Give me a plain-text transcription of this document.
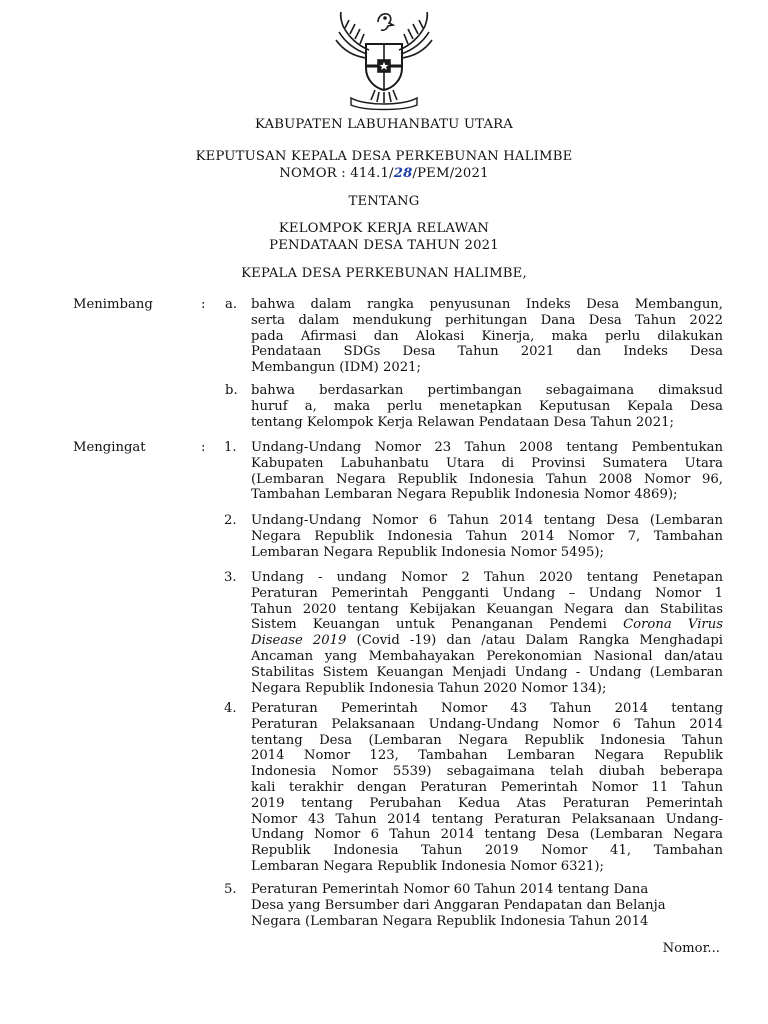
KABUPATEN LABUHANBATU UTARA
KEPUTUSAN KEPALA DESA PERKEBUNAN HALIMBE
NOMOR : 414.1/28/PEM/2021
TENTANG
KELOMPOK KERJA RELAWAN
PENDATAAN DESA TAHUN 2021
KEPALA DESA PERKEBUNAN HALIMBE,
Menimbang	: a. bahwa dalam rangka penyusunan Indeks Desa Membangun,
serta dalam mendukung perhitungan Dana Desa Tahun 2022
pada Afirmasi dan Alokasi Kinerja, maka perlu dilakukan
Pendataan SDGs Desa Tahun 2021 dan Indeks Desa
Membangun (IDM) 2021;
b. bahwa berdasarkan pertimbangan sebagaimana dimaksud
huruf a, maka perlu menetapkan Keputusan Kepala Desa
tentang Kelompok Kerja Relawan Pendataan Desa Tahun 2021;
Mengingat	: 1. Undang-Undang Nomor 23 Tahun 2008 tentang Pembentukan
Kabupaten Labuhanbatu Utara di Provinsi Sumatera Utara
(Lembaran Negara Republik Indonesia Tahun 2008 Nomor 96,
Tambahan Lembaran Negara Republik Indonesia Nomor 4869);
2. Undang-Undang Nomor 6 Tahun 2014 tentang Desa (Lembaran
Negara Republik Indonesia Tahun 2014 Nomor 7, Tambahan
Lembaran Negara Republik Indonesia Nomor 5495);
3. Undang - undang Nomor 2 Tahun 2020 tentang Penetapan
Peraturan Pemerintah Pengganti Undang – Undang Nomor 1
Tahun 2020 tentang Kebijakan Keuangan Negara dan Stabilitas
Sistem Keuangan untuk Penanganan Pendemi Corona Virus
Disease 2019 (Covid -19) dan /atau Dalam Rangka Menghadapi
Ancaman yang Membahayakan Perekonomian Nasional dan/atau
Stabilitas Sistem Keuangan Menjadi Undang - Undang (Lembaran
Negara Republik Indonesia Tahun 2020 Nomor 134);
4. Peraturan Pemerintah Nomor 43 Tahun 2014 tentang
Peraturan Pelaksanaan Undang-Undang Nomor 6 Tahun 2014
tentang Desa (Lembaran Negara Republik Indonesia Tahun
2014 Nomor 123, Tambahan Lembaran Negara Republik
Indonesia Nomor 5539) sebagaimana telah diubah beberapa
kali terakhir dengan Peraturan Pemerintah Nomor 11 Tahun
2019 tentang Perubahan Kedua Atas Peraturan Pemerintah
Nomor 43 Tahun 2014 tentang Peraturan Pelaksanaan Undang-
Undang Nomor 6 Tahun 2014 tentang Desa (Lembaran Negara
Republik Indonesia Tahun 2019 Nomor 41, Tambahan
Lembaran Negara Republik Indonesia Nomor 6321);
5. Peraturan Pemerintah Nomor 60 Tahun 2014 tentang Dana
Desa yang Bersumber dari Anggaran Pendapatan dan Belanja
Negara (Lembaran Negara Republik Indonesia Tahun 2014
Nomor...
